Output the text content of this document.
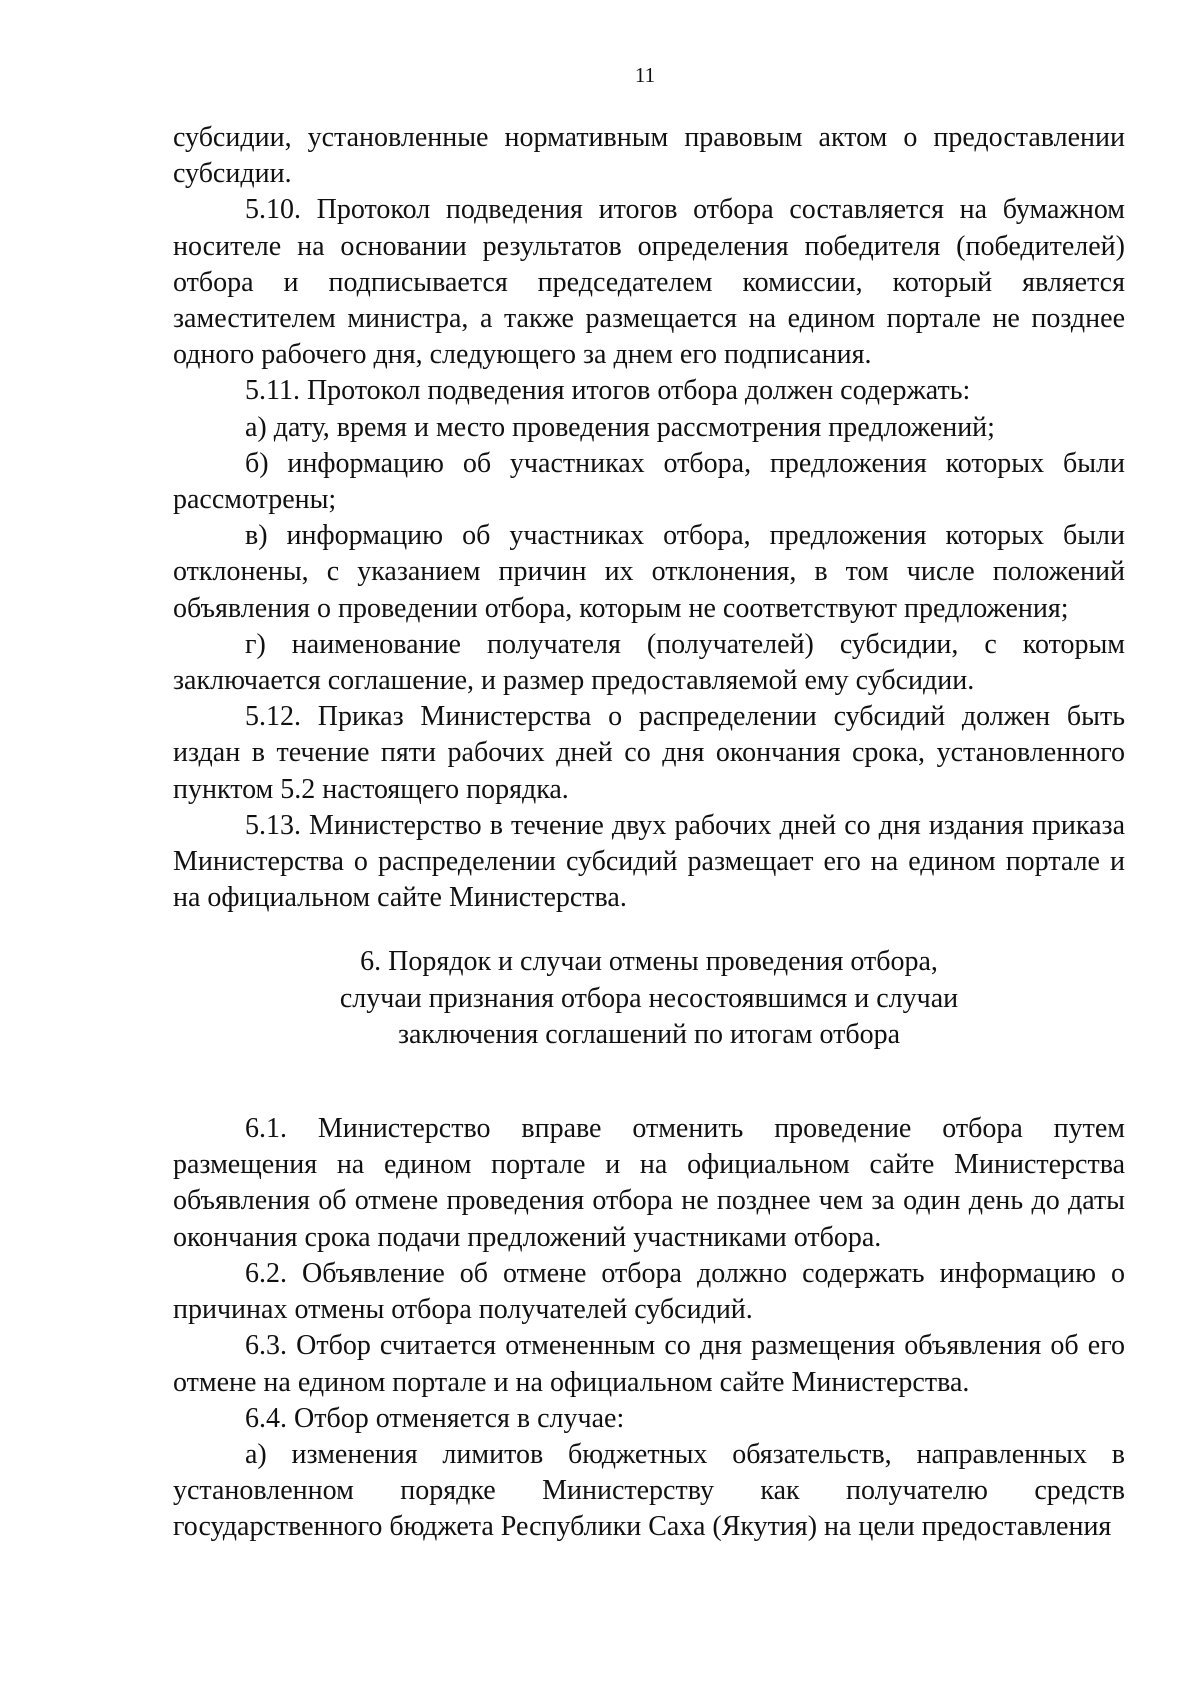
11

субсидии, установленные нормативным правовым актом о предоставлении субсидии.

5.10. Протокол подведения итогов отбора составляется на бумажном носителе на основании результатов определения победителя (победителей) отбора и подписывается председателем комиссии, который является заместителем министра, а также размещается на едином портале не позднее одного рабочего дня, следующего за днем его подписания.

5.11. Протокол подведения итогов отбора должен содержать:

а) дату, время и место проведения рассмотрения предложений;

б) информацию об участниках отбора, предложения которых были рассмотрены;

в) информацию об участниках отбора, предложения которых были отклонены, с указанием причин их отклонения, в том числе положений объявления о проведении отбора, которым не соответствуют предложения;

г) наименование получателя (получателей) субсидии, с которым заключается соглашение, и размер предоставляемой ему субсидии.

5.12. Приказ Министерства о распределении субсидий должен быть издан в течение пяти рабочих дней со дня окончания срока, установленного пунктом 5.2 настоящего порядка.

5.13. Министерство в течение двух рабочих дней со дня издания приказа Министерства о распределении субсидий размещает его на едином портале и на официальном сайте Министерства.

6. Порядок и случаи отмены проведения отбора,
случаи признания отбора несостоявшимся и случаи
заключения соглашений по итогам отбора

6.1. Министерство вправе отменить проведение отбора путем размещения на едином портале и на официальном сайте Министерства объявления об отмене проведения отбора не позднее чем за один день до даты окончания срока подачи предложений участниками отбора.

6.2. Объявление об отмене отбора должно содержать информацию о причинах отмены отбора получателей субсидий.

6.3. Отбор считается отмененным со дня размещения объявления об его отмене на едином портале и на официальном сайте Министерства.

6.4. Отбор отменяется в случае:

а) изменения лимитов бюджетных обязательств, направленных в установленном порядке Министерству как получателю средств государственного бюджета Республики Саха (Якутия) на цели предоставления
